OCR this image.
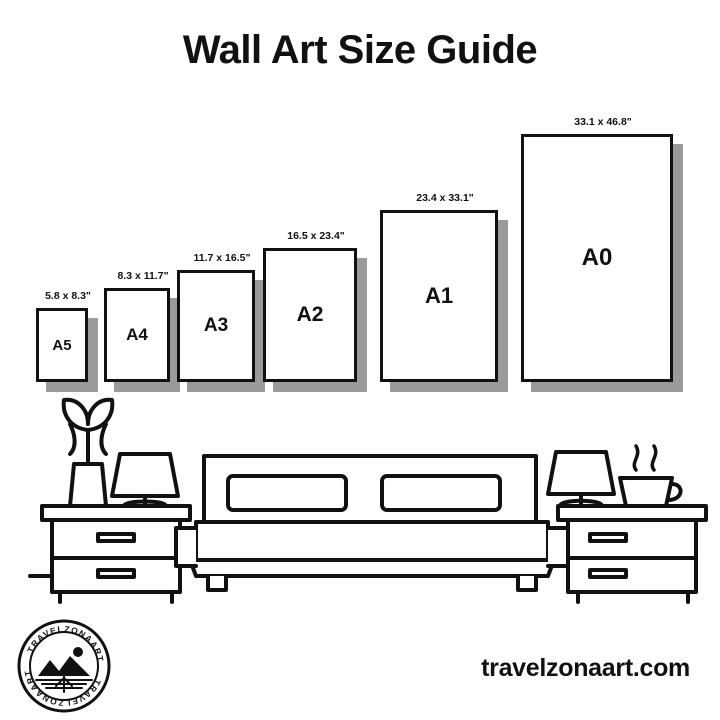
Wall Art Size Guide
5.8 x 8.3"
A5
8.3 x 11.7"
A4
11.7 x 16.5"
A3
16.5 x 23.4"
A2
23.4 x 33.1"
A1
33.1 x 46.8"
A0
TRAVELZONAART
TRAVELZONAART	travelzonaart.com
